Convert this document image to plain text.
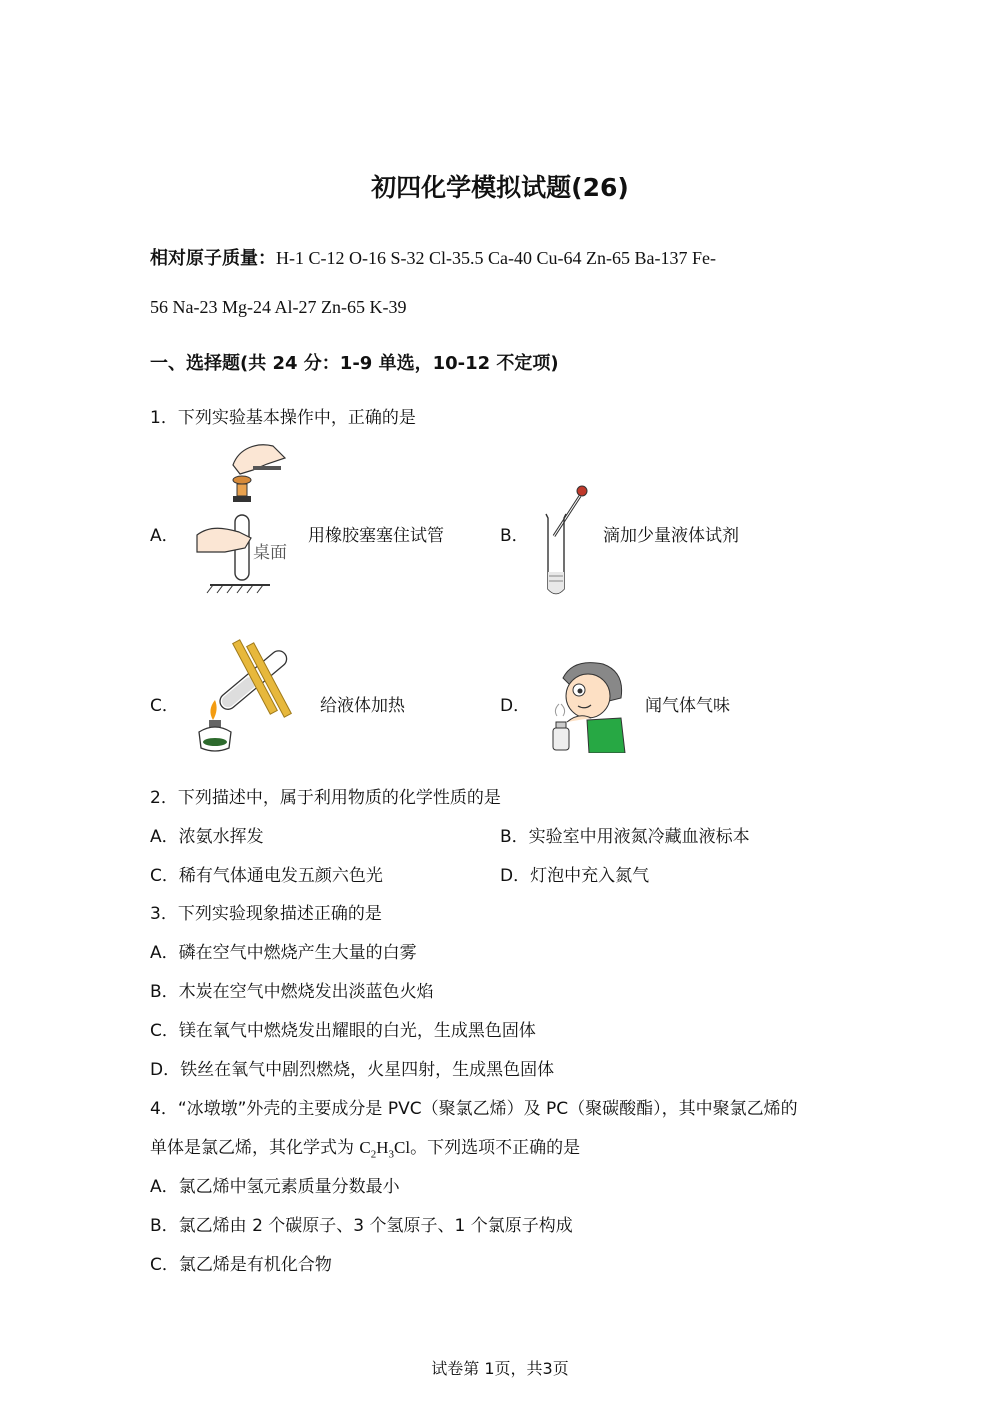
初四化学模拟试题(26)
相对原子质量：H-1 C-12 O-16 S-32 Cl-35.5 Ca-40 Cu-64 Zn-65 Ba-137 Fe-
56 Na-23 Mg-24 Al-27 Zn-65 K-39
一、选择题(共 24 分：1-9 单选，10-12 不定项)
1．下列实验基本操作中，正确的是
A．
桌面
用橡胶塞塞住试管	B．	滴加少量液体试剂
C．	给液体加热	D．	闻气体气味
2．下列描述中，属于利用物质的化学性质的是
A．浓氨水挥发	B．实验室中用液氮冷藏血液标本
C．稀有气体通电发五颜六色光	D．灯泡中充入氮气
3．下列实验现象描述正确的是
A．磷在空气中燃烧产生大量的白雾
B．木炭在空气中燃烧发出淡蓝色火焰
C．镁在氧气中燃烧发出耀眼的白光，生成黑色固体
D．铁丝在氧气中剧烈燃烧，火星四射，生成黑色固体
4．“冰墩墩”外壳的主要成分是 PVC（聚氯乙烯）及 PC（聚碳酸酯），其中聚氯乙烯的
单体是氯乙烯，其化学式为 $C_2H_3Cl$。下列选项不正确的是
A．氯乙烯中氢元素质量分数最小
B．氯乙烯由 2 个碳原子、3 个氢原子、1 个氯原子构成
C．氯乙烯是有机化合物
试卷第 1页，共3页
